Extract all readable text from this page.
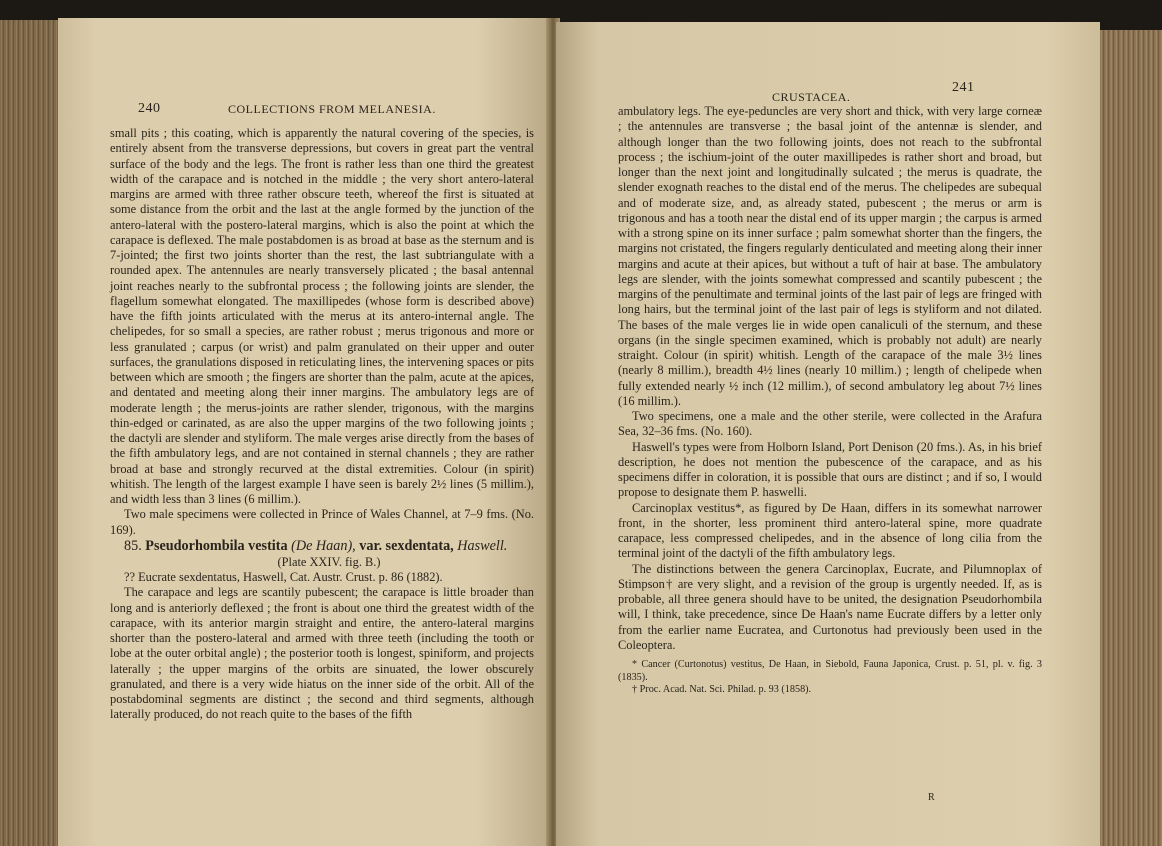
240	COLLECTIONS FROM MELANESIA.

small pits ; this coating, which is apparently the natural covering of the species, is entirely absent from the transverse depressions, but covers in great part the ventral surface of the body and the legs. The front is rather less than one third the greatest width of the carapace and is notched in the middle ; the very short antero-lateral margins are armed with three rather obscure teeth, whereof the first is situated at some distance from the orbit and the last at the angle formed by the junction of the antero-lateral with the postero-lateral margins, which is also the point at which the carapace is deflexed. The male postabdomen is as broad at base as the sternum and is 7-jointed; the first two joints shorter than the rest, the last subtriangulate with a rounded apex. The antennules are nearly transversely plicated ; the basal antennal joint reaches nearly to the subfrontal process ; the following joints are slender, the flagellum somewhat elongated. The maxillipedes (whose form is described above) have the fifth joints articulated with the merus at its antero-internal angle. The chelipedes, for so small a species, are rather robust ; merus trigonous and more or less granulated ; carpus (or wrist) and palm granulated on their upper and outer surfaces, the granulations disposed in reticulating lines, the intervening spaces or pits between which are smooth ; the fingers are shorter than the palm, acute at the apices, and dentated and meeting along their inner margins. The ambulatory legs are of moderate length ; the merus-joints are rather slender, trigonous, with the margins thin-edged or carinated, as are also the upper margins of the two following joints ; the dactyli are slender and styliform. The male verges arise directly from the bases of the fifth ambulatory legs, and are not contained in sternal channels ; they are rather broad at base and strongly recurved at the distal extremities. Colour (in spirit) whitish. The length of the largest example I have seen is barely 2½ lines (5 millim.), and width less than 3 lines (6 millim.).

Two male specimens were collected in Prince of Wales Channel, at 7–9 fms. (No. 169).

85. Pseudorhombila vestita (De Haan), var. sexdentata, Haswell.

(Plate XXIV. fig. B.)

?? Eucrate sexdentatus, Haswell, Cat. Austr. Crust. p. 86 (1882).

The carapace and legs are scantily pubescent; the carapace is little broader than long and is anteriorly deflexed ; the front is about one third the greatest width of the carapace, with its anterior margin straight and entire, the antero-lateral margins shorter than the postero-lateral and armed with three teeth (including the tooth or lobe at the outer orbital angle) ; the posterior tooth is longest, spiniform, and projects laterally ; the upper margins of the orbits are sinuated, the lower obscurely granulated, and there is a very wide hiatus on the inner side of the orbit. All of the postabdominal segments are distinct ; the second and third segments, although laterally produced, do not reach quite to the bases of the fifth

CRUSTACEA.
241

ambulatory legs. The eye-peduncles are very short and thick, with very large corneæ ; the antennules are transverse ; the basal joint of the antennæ is slender, and although longer than the two following joints, does not reach to the subfrontal process ; the ischium-joint of the outer maxillipedes is rather short and broad, but longer than the next joint and longitudinally sulcated ; the merus is quadrate, the slender exognath reaches to the distal end of the merus. The chelipedes are subequal and of moderate size, and, as already stated, pubescent ; the merus or arm is trigonous and has a tooth near the distal end of its upper margin ; the carpus is armed with a strong spine on its inner surface ; palm somewhat shorter than the fingers, the margins not cristated, the fingers regularly denticulated and meeting along their inner margins and acute at their apices, but without a tuft of hair at base. The ambulatory legs are slender, with the joints somewhat compressed and scantily pubescent ; the margins of the penultimate and terminal joints of the last pair of legs are fringed with long hairs, but the terminal joint of the last pair of legs is styliform and not dilated. The bases of the male verges lie in wide open canaliculi of the sternum, and these organs (in the single specimen examined, which is probably not adult) are nearly straight. Colour (in spirit) whitish. Length of the carapace of the male 3½ lines (nearly 8 millim.), breadth 4½ lines (nearly 10 millim.) ; length of chelipede when fully extended nearly ½ inch (12 millim.), of second ambulatory leg about 7½ lines (16 millim.).

Two specimens, one a male and the other sterile, were collected in the Arafura Sea, 32–36 fms. (No. 160).

Haswell's types were from Holborn Island, Port Denison (20 fms.). As, in his brief description, he does not mention the pubescence of the carapace, and as his specimens differ in coloration, it is possible that ours are distinct ; and if so, I would propose to designate them P. haswelli.

Carcinoplax vestitus*, as figured by De Haan, differs in its somewhat narrower front, in the shorter, less prominent third antero-lateral spine, more quadrate carapace, less compressed chelipedes, and in the absence of long cilia from the terminal joint of the dactyli of the fifth ambulatory legs.

The distinctions between the genera Carcinoplax, Eucrate, and Pilumnoplax of Stimpson† are very slight, and a revision of the group is urgently needed. If, as is probable, all three genera should have to be united, the designation Pseudorhombila will, I think, take precedence, since De Haan's name Eucrate differs by a letter only from the earlier name Eucratea, and Curtonotus had previously been used in the Coleoptera.

* Cancer (Curtonotus) vestitus, De Haan, in Siebold, Fauna Japonica, Crust. p. 51, pl. v. fig. 3 (1835).

† Proc. Acad. Nat. Sci. Philad. p. 93 (1858).

R
